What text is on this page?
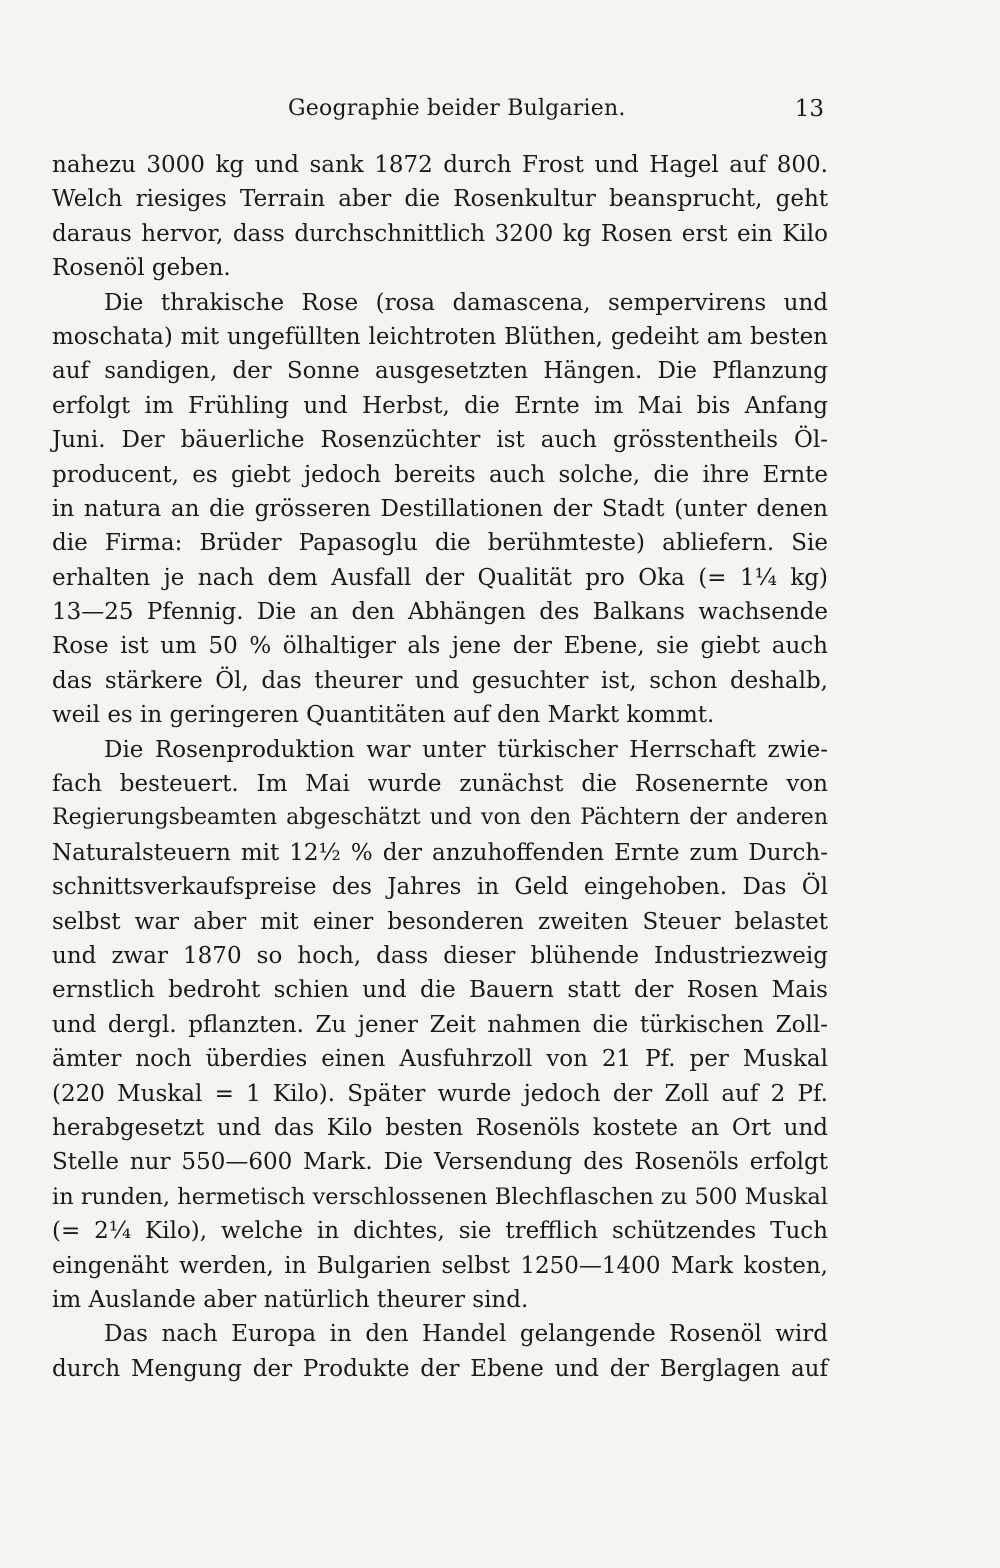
Geographie beider Bulgarien.	13
nahezu 3000 kg und sank 1872 durch Frost und Hagel auf 800.
Welch riesiges Terrain aber die Rosenkultur beansprucht, geht
daraus hervor, dass durchschnittlich 3200 kg Rosen erst ein Kilo
Rosenöl geben.
Die thrakische Rose (rosa damascena, sempervirens und
moschata) mit ungefüllten leichtroten Blüthen, gedeiht am besten
auf sandigen, der Sonne ausgesetzten Hängen. Die Pflanzung
erfolgt im Frühling und Herbst, die Ernte im Mai bis Anfang
Juni. Der bäuerliche Rosenzüchter ist auch grösstentheils Öl-
producent, es giebt jedoch bereits auch solche, die ihre Ernte
in natura an die grösseren Destillationen der Stadt (unter denen
die Firma: Brüder Papasoglu die berühmteste) abliefern. Sie
erhalten je nach dem Ausfall der Qualität pro Oka (= 1¼ kg)
13—25 Pfennig. Die an den Abhängen des Balkans wachsende
Rose ist um 50 % ölhaltiger als jene der Ebene, sie giebt auch
das stärkere Öl, das theurer und gesuchter ist, schon deshalb,
weil es in geringeren Quantitäten auf den Markt kommt.
Die Rosenproduktion war unter türkischer Herrschaft zwie-
fach besteuert. Im Mai wurde zunächst die Rosenernte von
Regierungsbeamten abgeschätzt und von den Pächtern der anderen
Naturalsteuern mit 12½ % der anzuhoffenden Ernte zum Durch-
schnittsverkaufspreise des Jahres in Geld eingehoben. Das Öl
selbst war aber mit einer besonderen zweiten Steuer belastet
und zwar 1870 so hoch, dass dieser blühende Industriezweig
ernstlich bedroht schien und die Bauern statt der Rosen Mais
und dergl. pflanzten. Zu jener Zeit nahmen die türkischen Zoll-
ämter noch überdies einen Ausfuhrzoll von 21 Pf. per Muskal
(220 Muskal = 1 Kilo). Später wurde jedoch der Zoll auf 2 Pf.
herabgesetzt und das Kilo besten Rosenöls kostete an Ort und
Stelle nur 550—600 Mark. Die Versendung des Rosenöls erfolgt
in runden, hermetisch verschlossenen Blechflaschen zu 500 Muskal
(= 2¼ Kilo), welche in dichtes, sie trefflich schützendes Tuch
eingenäht werden, in Bulgarien selbst 1250—1400 Mark kosten,
im Auslande aber natürlich theurer sind.
Das nach Europa in den Handel gelangende Rosenöl wird
durch Mengung der Produkte der Ebene und der Berglagen auf
